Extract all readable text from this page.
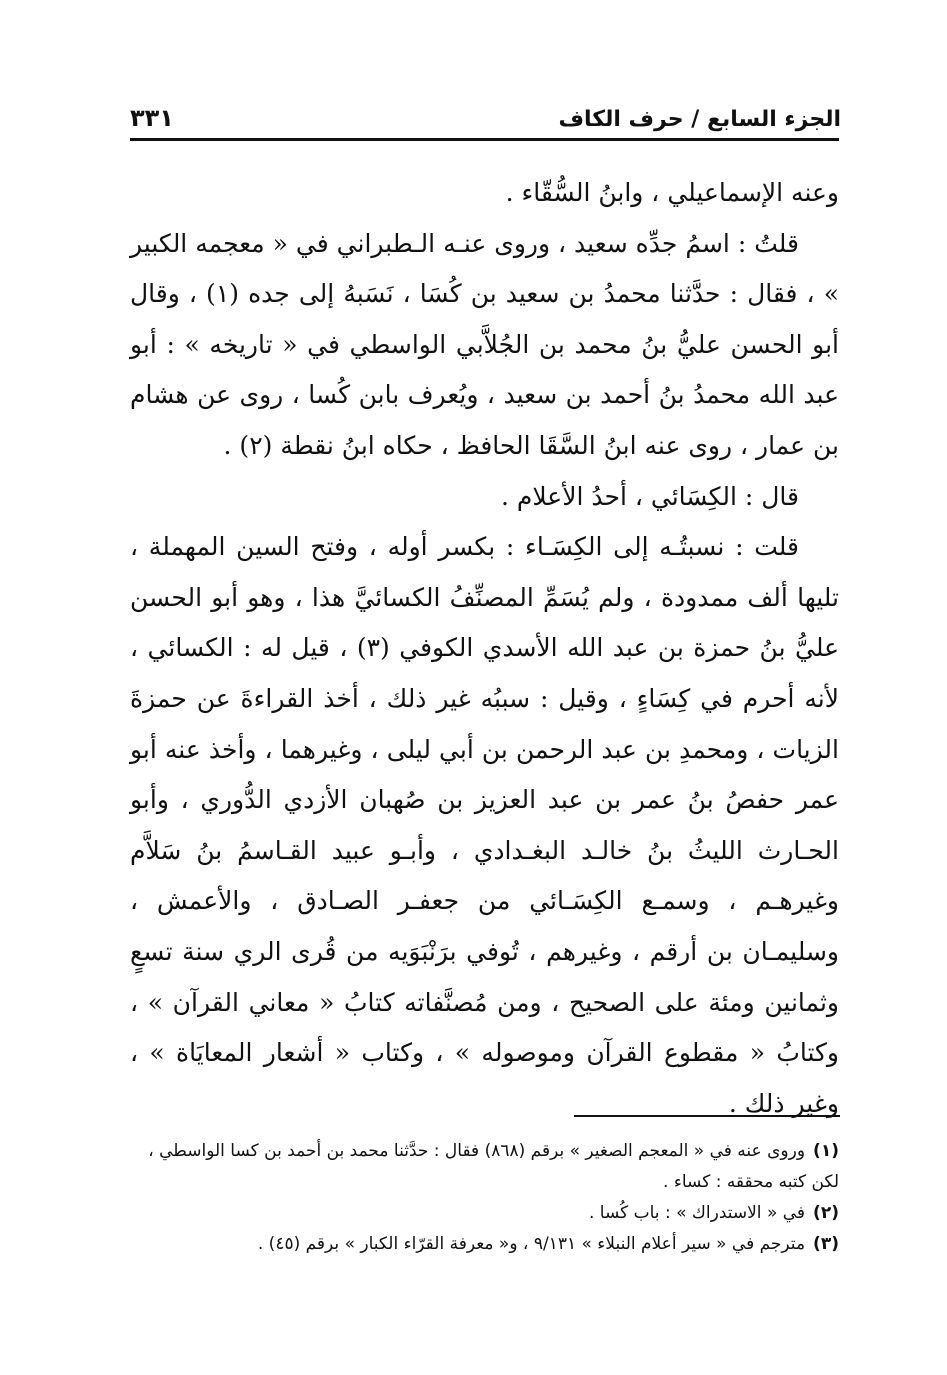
الجزء السابع / حرف الكاف
٣٣١

وعنه الإسماعيلي ، وابنُ السُّقّاء .

قلتُ : اسمُ جدِّه سعيد ، وروى عنـه الـطبراني في « معجمه الكبير » ، فقال : حدَّثنا محمدُ بن سعيد بن كُسَا ، نَسَبهُ إلى جده (١) ، وقال أبو الحسن عليُّ بنُ محمد بن الجُلاَّبي الواسطي في « تاريخه » : أبو عبد الله محمدُ بنُ أحمد بن سعيد ، ويُعرف بابن كُسا ، روى عن هشام بن عمار ، روى عنه ابنُ السَّقَا الحافظ ، حكاه ابنُ نقطة (٢) .

قال : الكِسَائي ، أحدُ الأعلام .

قلت : نسبتُـه إلى الكِسَـاء : بكسر أوله ، وفتح السين المهملة ، تليها ألف ممدودة ، ولم يُسَمِّ المصنِّفُ الكسائيَّ هذا ، وهو أبو الحسن عليُّ بنُ حمزة بن عبد الله الأسدي الكوفي (٣) ، قيل له : الكسائي ، لأنه أحرم في كِسَاءٍ ، وقيل : سببُه غير ذلك ، أخذ القراءةَ عن حمزةَ الزيات ، ومحمدِ بن عبد الرحمن بن أبي ليلى ، وغيرهما ، وأخذ عنه أبو عمر حفصُ بنُ عمر بن عبد العزيز بن صُهبان الأزدي الدُّوري ، وأبو الحـارث الليثُ بنُ خالـد البغـدادي ، وأبـو عبيد القـاسمُ بنُ سَلاَّم وغيرهـم ، وسمـع الكِسَـائي من جعفـر الصـادق ، والأعمش ، وسليمـان بن أرقم ، وغيرهم ، تُوفي برَنْبَوَيه من قُرى الري سنة تسعٍ وثمانين ومئة على الصحيح ، ومن مُصنَّفاته كتابُ « معاني القرآن » ، وكتابُ « مقطوع القرآن وموصوله » ، وكتاب « أشعار المعايَاة » ، وغير ذلك .

(١)وروى عنه في « المعجم الصغير » برقم (٨٦٨) فقال : حدَّثنا محمد بن أحمد بن كسا الواسطي ، لكن كتبه محققه : كساء .

(٢)في « الاستدراك » : باب كُسا .

(٣)مترجم في « سير أعلام النبلاء » ٩/١٣١ ، و« معرفة القرّاء الكبار » برقم (٤٥) .
